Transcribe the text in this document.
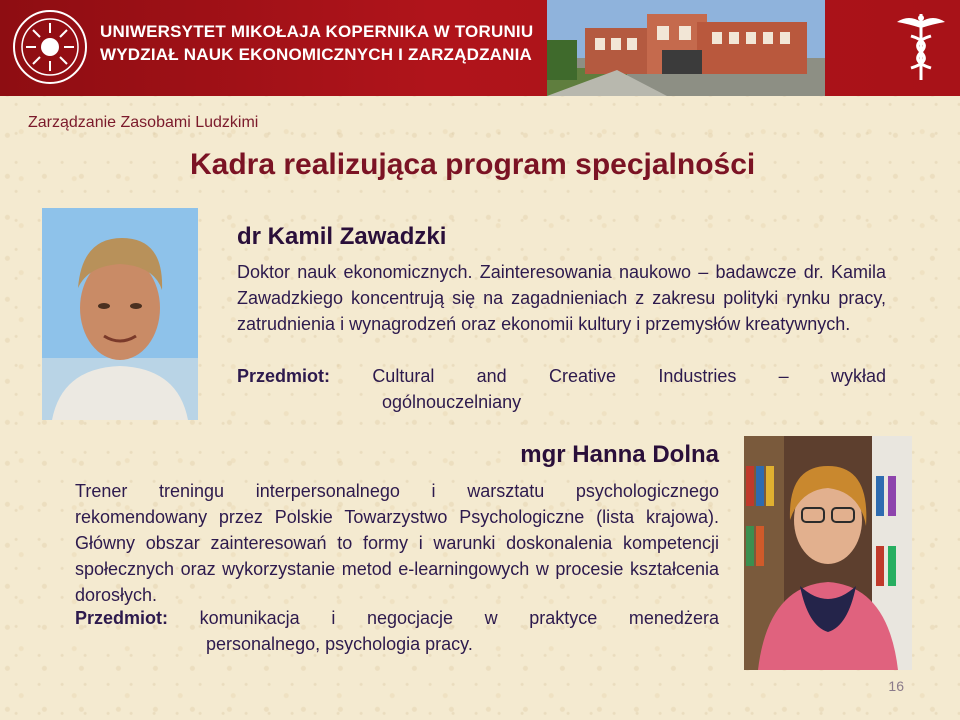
UNIWERSYTET MIKOŁAJA KOPERNIKA W TORUNIU
WYDZIAŁ NAUK EKONOMICZNYCH I ZARZĄDZANIA
Zarządzanie Zasobami Ludzkimi
Kadra realizująca program specjalności
dr Kamil Zawadzki

Doktor nauk ekonomicznych. Zainteresowania naukowo – badawcze dr. Kamila Zawadzkiego koncentrują się na zagadnieniach z zakresu polityki rynku pracy, zatrudnienia i wynagrodzeń oraz ekonomii kultury i przemysłów kreatywnych.

Przedmiot: Cultural and Creative Industries – wykład
ogólnouczelniany
mgr Hanna Dolna

Trener treningu interpersonalnego i warsztatu psychologicznego rekomendowany przez Polskie Towarzystwo Psychologiczne (lista krajowa). Główny obszar zainteresowań to formy i warunki doskonalenia kompetencji społecznych oraz wykorzystanie metod e-learningowych w procesie kształcenia dorosłych.

Przedmiot: komunikacja i negocjacje w praktyce menedżera
personalnego, psychologia pracy.
16
